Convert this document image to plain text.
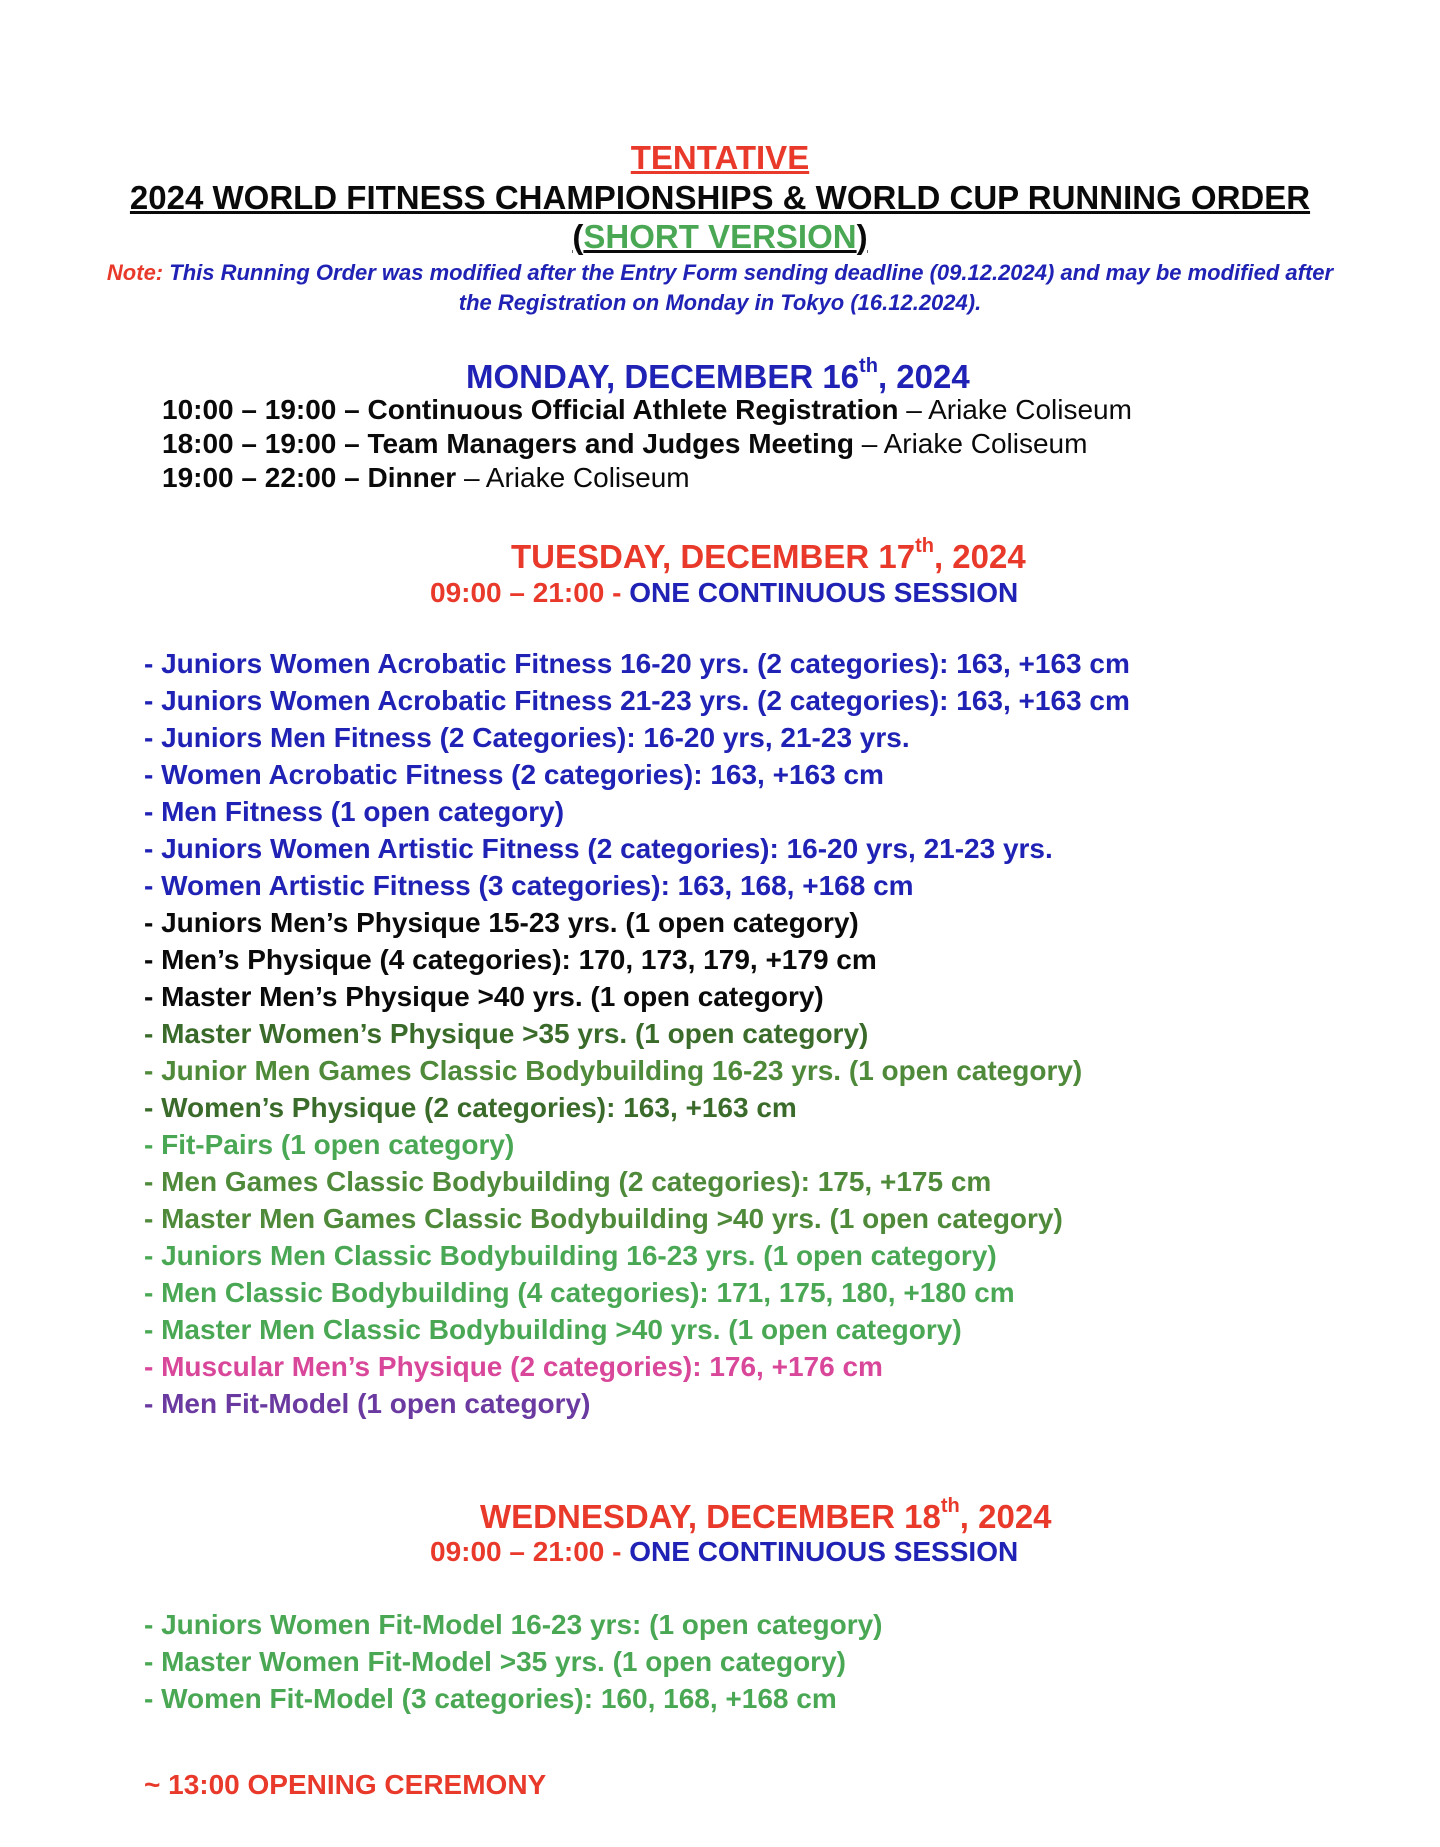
TENTATIVE
2024 WORLD FITNESS CHAMPIONSHIPS & WORLD CUP RUNNING ORDER
(SHORT VERSION)
Note: This Running Order was modified after the Entry Form sending deadline (09.12.2024) and may be modified after the Registration on Monday in Tokyo (16.12.2024).
MONDAY, DECEMBER 16th, 2024
10:00 – 19:00 – Continuous Official Athlete Registration – Ariake Coliseum
18:00 – 19:00 – Team Managers and Judges Meeting – Ariake Coliseum
19:00 – 22:00 – Dinner – Ariake Coliseum
TUESDAY, DECEMBER 17th, 2024
09:00 – 21:00 - ONE CONTINUOUS SESSION
- Juniors Women Acrobatic Fitness 16-20 yrs. (2 categories): 163, +163 cm
- Juniors Women Acrobatic Fitness 21-23 yrs. (2 categories): 163, +163 cm
- Juniors Men Fitness (2 Categories): 16-20 yrs, 21-23 yrs.
- Women Acrobatic Fitness (2 categories): 163, +163 cm
- Men Fitness (1 open category)
- Juniors Women Artistic Fitness (2 categories): 16-20 yrs, 21-23 yrs.
- Women Artistic Fitness (3 categories): 163, 168, +168 cm
- Juniors Men’s Physique 15-23 yrs. (1 open category)
- Men’s Physique (4 categories): 170, 173, 179, +179 cm
- Master Men’s Physique >40 yrs. (1 open category)
- Master Women’s Physique >35 yrs. (1 open category)
- Junior Men Games Classic Bodybuilding 16-23 yrs. (1 open category)
- Women’s Physique (2 categories): 163, +163 cm
- Fit-Pairs (1 open category)
- Men Games Classic Bodybuilding (2 categories): 175, +175 cm
- Master Men Games Classic Bodybuilding >40 yrs. (1 open category)
- Juniors Men Classic Bodybuilding 16-23 yrs. (1 open category)
- Men Classic Bodybuilding (4 categories): 171, 175, 180, +180 cm
- Master Men Classic Bodybuilding >40 yrs. (1 open category)
- Muscular Men’s Physique (2 categories): 176, +176 cm
- Men Fit-Model (1 open category)
WEDNESDAY, DECEMBER 18th, 2024
09:00 – 21:00 - ONE CONTINUOUS SESSION
- Juniors Women Fit-Model 16-23 yrs: (1 open category)
- Master Women Fit-Model >35 yrs. (1 open category)
- Women Fit-Model (3 categories): 160, 168, +168 cm
~ 13:00 OPENING CEREMONY
